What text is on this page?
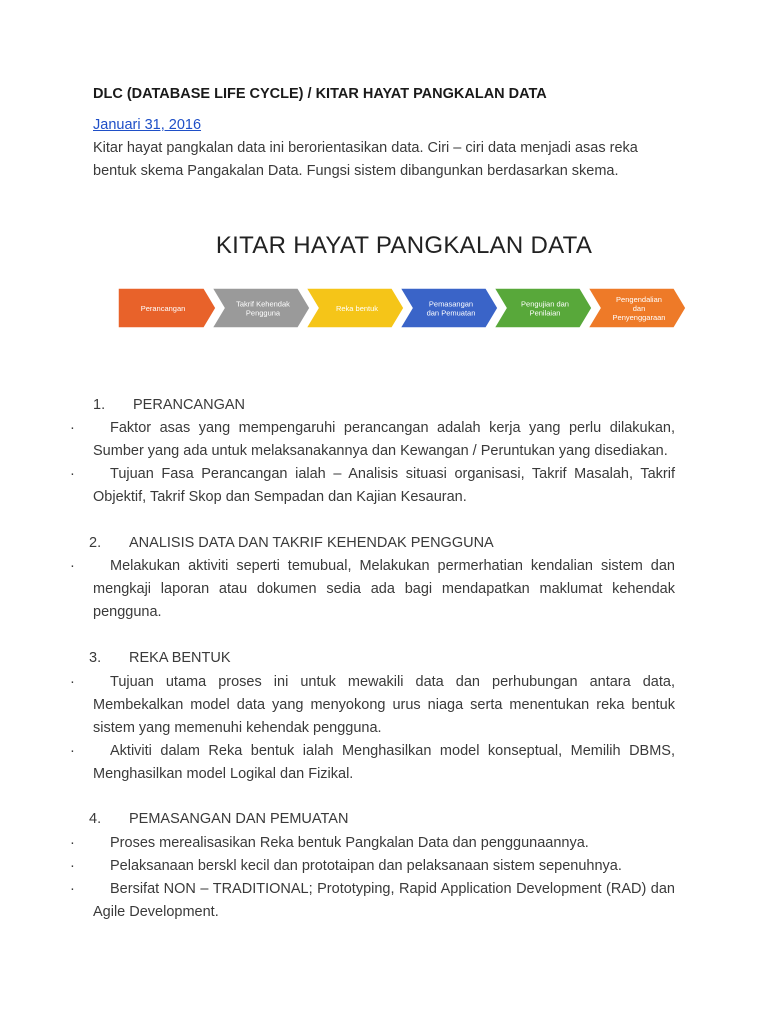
DLC (DATABASE LIFE CYCLE) / KITAR HAYAT PANGKALAN DATA
Januari 31, 2016
Kitar hayat pangkalan data ini berorientasikan data. Ciri – ciri data menjadi asas reka bentuk skema Pangakalan Data. Fungsi sistem dibangunkan berdasarkan skema.
KITAR HAYAT PANGKALAN DATA
Perancangan	Takrif Kehendak Pengguna	Reka bentuk	Pemasangan dan Pemuatan
Pengujian dan Penilaian
Pengendalian dan Penyenggaraan
1. PERANCANGAN
·	Faktor asas yang mempengaruhi perancangan adalah kerja yang perlu dilakukan, Sumber yang ada untuk melaksanakannya dan Kewangan / Peruntukan yang disediakan.
·	Tujuan Fasa Perancangan ialah – Analisis situasi organisasi, Takrif Masalah, Takrif Objektif, Takrif Skop dan Sempadan dan Kajian Kesauran.
2. ANALISIS DATA DAN TAKRIF KEHENDAK PENGGUNA
·	Melakukan aktiviti seperti temubual, Melakukan permerhatian kendalian sistem dan mengkaji laporan atau dokumen sedia ada bagi mendapatkan maklumat kehendak pengguna.
3. REKA BENTUK
·	Tujuan utama proses ini untuk mewakili data dan perhubungan antara data, Membekalkan model data yang menyokong urus niaga serta menentukan reka bentuk sistem yang memenuhi kehendak pengguna.
·	Aktiviti dalam Reka bentuk ialah Menghasilkan model konseptual, Memilih DBMS, Menghasilkan model Logikal dan Fizikal.
4. PEMASANGAN DAN PEMUATAN
·	Proses merealisasikan Reka bentuk Pangkalan Data dan penggunaannya.
·	Pelaksanaan berskl kecil dan prototaipan dan pelaksanaan sistem sepenuhnya.
·	Bersifat NON – TRADITIONAL; Prototyping, Rapid Application Development (RAD) dan Agile Development.
